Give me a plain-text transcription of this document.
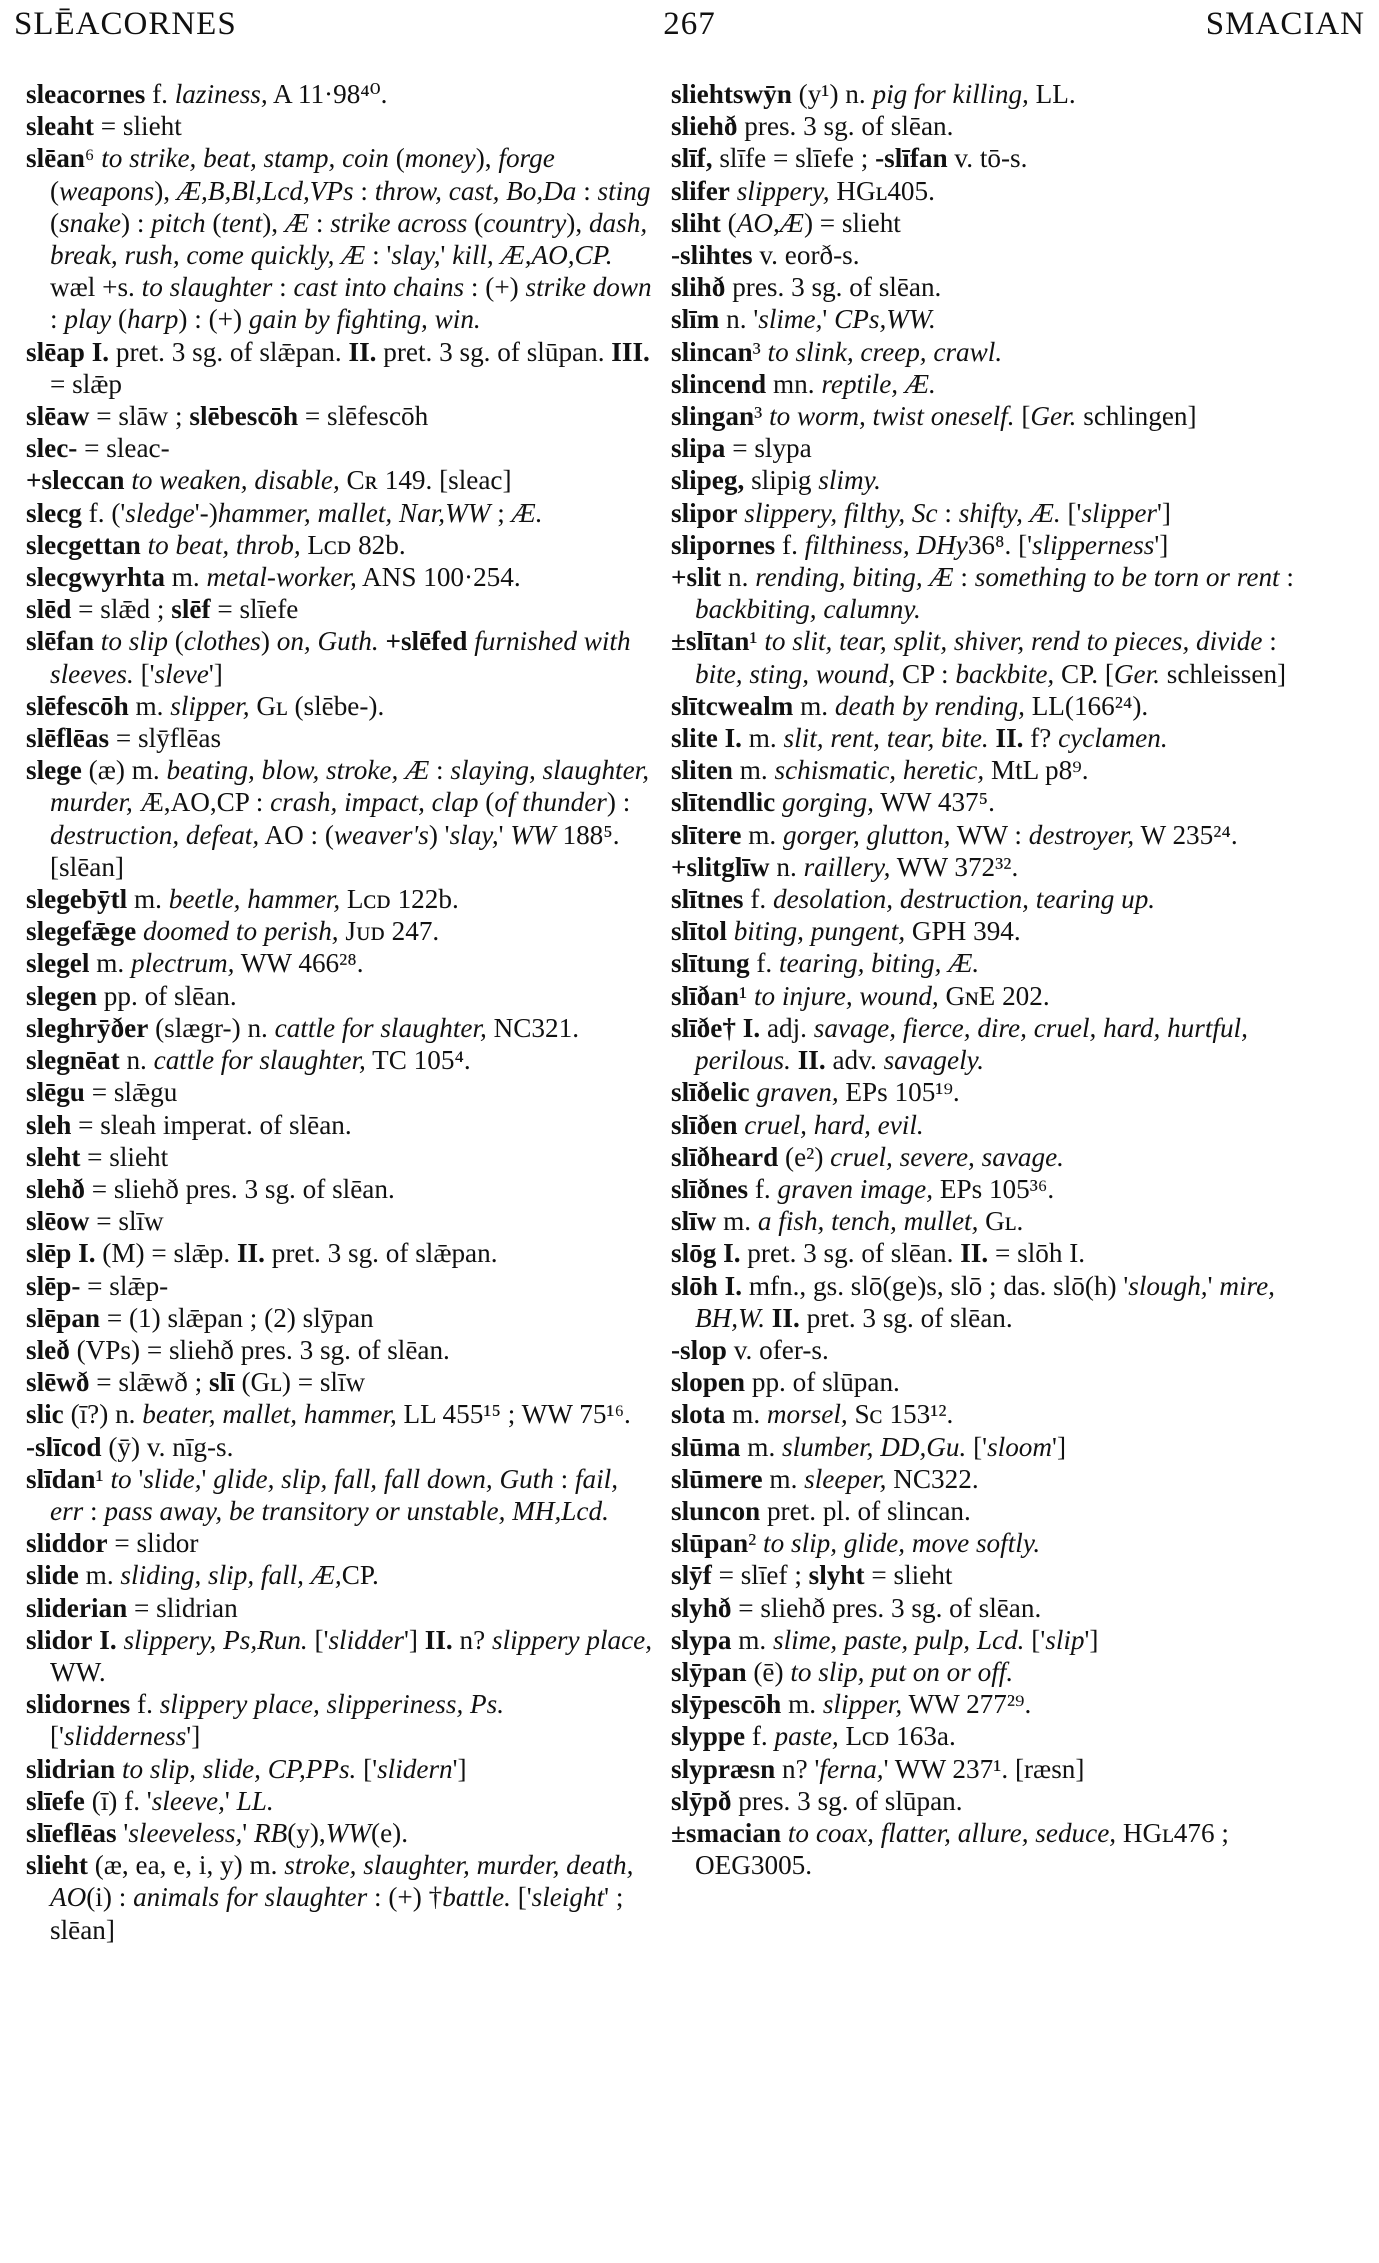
SLĒACORNES	267	SMACIAN

sleacornes f. laziness, A 11·98⁴⁰.

sleaht = slieht

slēan⁶ to strike, beat, stamp, coin (money), forge (weapons), Æ,B,Bl,Lcd,VPs : throw, cast, Bo,Da : sting (snake) : pitch (tent), Æ : strike across (country), dash, break, rush, come quickly, Æ : 'slay,' kill, Æ,AO,CP. wæl +s. to slaughter : cast into chains : (+) strike down : play (harp) : (+) gain by fighting, win.

slēap I. pret. 3 sg. of slǣpan. II. pret. 3 sg. of slūpan. III. = slǣp

slēaw = slāw ; slēbescōh = slēfescōh

slec- = sleac-

+sleccan to weaken, disable, Cʀ 149. [sleac]

slecg f. ('sledge'-)hammer, mallet, Nar,WW ; Æ.

slecgettan to beat, throb, Lᴄᴅ 82b.

slecgwyrhta m. metal-worker, ANS 100·254.

slēd = slǣd ; slēf = slīefe

slēfan to slip (clothes) on, Guth. +slēfed furnished with sleeves. ['sleve']

slēfescōh m. slipper, Gʟ (slēbe-).

slēflēas = slȳflēas

slege (æ) m. beating, blow, stroke, Æ : slaying, slaughter, murder, Æ,AO,CP : crash, impact, clap (of thunder) : destruction, defeat, AO : (weaver's) 'slay,' WW 188⁵. [slēan]

slegebȳtl m. beetle, hammer, Lᴄᴅ 122b.

slegefǣge doomed to perish, Jᴜᴅ 247.

slegel m. plectrum, WW 466²⁸.

slegen pp. of slēan.

sleghrȳðer (slægr-) n. cattle for slaughter, NC321.

slegnēat n. cattle for slaughter, TC 105⁴.

slēgu = slǣgu

sleh = sleah imperat. of slēan.

sleht = slieht

slehð = sliehð pres. 3 sg. of slēan.

slēow = slīw

slēp I. (M) = slǣp. II. pret. 3 sg. of slǣpan.

slēp- = slǣp-

slēpan = (1) slǣpan ; (2) slȳpan

sleð (VPs) = sliehð pres. 3 sg. of slēan.

slēwð = slǣwð ; slī (Gʟ) = slīw

slic (ī?) n. beater, mallet, hammer, LL 455¹⁵ ; WW 75¹⁶.

-slīcod (ȳ) v. nīg-s.

slīdan¹ to 'slide,' glide, slip, fall, fall down, Guth : fail, err : pass away, be transitory or unstable, MH,Lcd.

sliddor = slidor

slide m. sliding, slip, fall, Æ,CP.

sliderian = slidrian

slidor I. slippery, Ps,Run. ['slidder'] II. n? slippery place, WW.

slidornes f. slippery place, slipperiness, Ps. ['slidderness']

slidrian to slip, slide, CP,PPs. ['slidern']

slīefe (ī) f. 'sleeve,' LL.

slīeflēas 'sleeveless,' RB(y),WW(e).

slieht (æ, ea, e, i, y) m. stroke, slaughter, murder, death, AO(i) : animals for slaughter : (+) †battle. ['sleight' ; slēan]

sliehtswȳn (y¹) n. pig for killing, LL.

sliehð pres. 3 sg. of slēan.

slīf, slīfe = slīefe ; -slīfan v. tō-s.

slifer slippery, HGʟ405.

sliht (AO,Æ) = slieht

-slihtes v. eorð-s.

slihð pres. 3 sg. of slēan.

slīm n. 'slime,' CPs,WW.

slincan³ to slink, creep, crawl.

slincend mn. reptile, Æ.

slingan³ to worm, twist oneself. [Ger. schlingen]

slipa = slypa

slipeg, slipig slimy.

slipor slippery, filthy, Sc : shifty, Æ. ['slipper']

slipornes f. filthiness, DHy36⁸. ['slipperness']

+slit n. rending, biting, Æ : something to be torn or rent : backbiting, calumny.

±slītan¹ to slit, tear, split, shiver, rend to pieces, divide : bite, sting, wound, CP : backbite, CP. [Ger. schleissen]

slītcwealm m. death by rending, LL(166²⁴).

slite I. m. slit, rent, tear, bite. II. f? cyclamen.

sliten m. schismatic, heretic, MtL p8⁹.

slītendlic gorging, WW 437⁵.

slītere m. gorger, glutton, WW : destroyer, W 235²⁴.

+slitglīw n. raillery, WW 372³².

slītnes f. desolation, destruction, tearing up.

slītol biting, pungent, GPH 394.

slītung f. tearing, biting, Æ.

slīðan¹ to injure, wound, GɴE 202.

slīðe† I. adj. savage, fierce, dire, cruel, hard, hurtful, perilous. II. adv. savagely.

slīðelic graven, EPs 105¹⁹.

slīðen cruel, hard, evil.

slīðheard (e²) cruel, severe, savage.

slīðnes f. graven image, EPs 105³⁶.

slīw m. a fish, tench, mullet, Gʟ.

slōg I. pret. 3 sg. of slēan. II. = slōh I.

slōh I. mfn., gs. slō(ge)s, slō ; das. slō(h) 'slough,' mire, BH,W. II. pret. 3 sg. of slēan.

-slop v. ofer-s.

slopen pp. of slūpan.

slota m. morsel, Sᴄ 153¹².

slūma m. slumber, DD,Gu. ['sloom']

slūmere m. sleeper, NC322.

sluncon pret. pl. of slincan.

slūpan² to slip, glide, move softly.

slȳf = slīef ; slyht = slieht

slyhð = sliehð pres. 3 sg. of slēan.

slypa m. slime, paste, pulp, Lcd. ['slip']

slȳpan (ē) to slip, put on or off.

slȳpescōh m. slipper, WW 277²⁹.

slyppe f. paste, Lᴄᴅ 163a.

slypræsn n? 'ferna,' WW 237¹. [ræsn]

slȳpð pres. 3 sg. of slūpan.

±smacian to coax, flatter, allure, seduce, HGʟ476 ; OEG3005.
